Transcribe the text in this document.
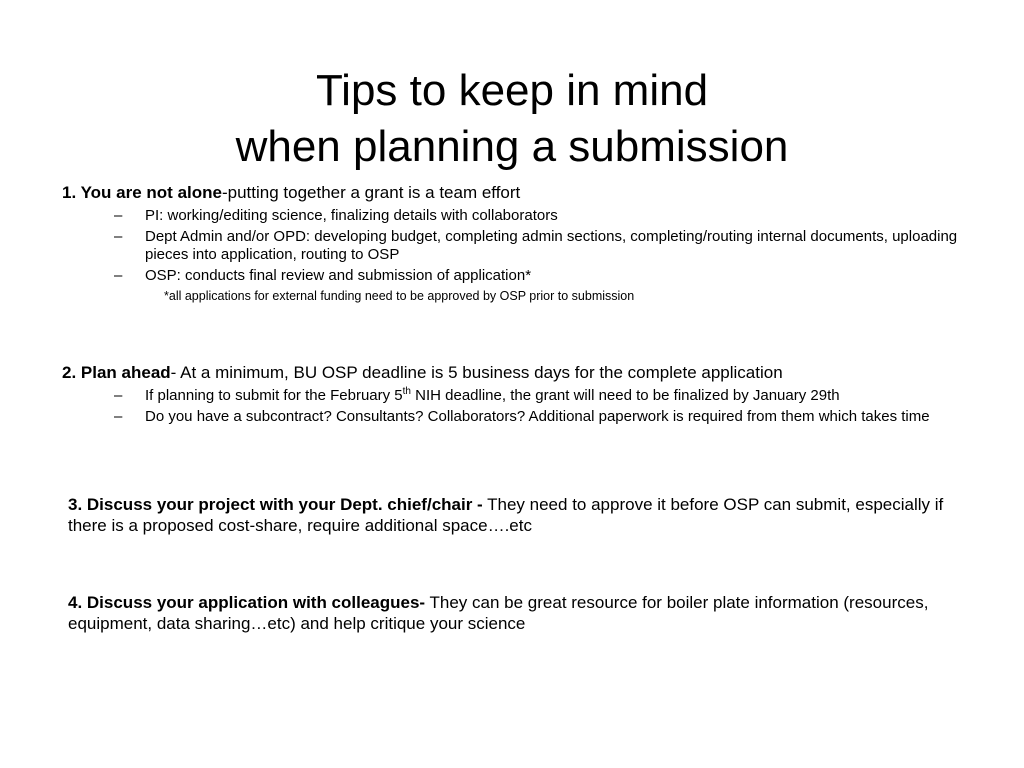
Tips to keep in mind
when planning a submission
1. You are not alone-putting together a grant is a team effort
– PI: working/editing science, finalizing details with collaborators
– Dept Admin and/or OPD: developing budget, completing admin sections, completing/routing internal documents, uploading pieces into application, routing to OSP
– OSP: conducts final review and submission of application*
*all applications for external funding need to be approved by OSP prior to submission
2. Plan ahead- At a minimum, BU OSP deadline is 5 business days for the complete application
– If planning to submit for the February 5th NIH deadline, the grant will need to be finalized by January 29th
– Do you have a subcontract? Consultants? Collaborators? Additional paperwork is required from them which takes time
3. Discuss your project with your Dept. chief/chair - They need to approve it before OSP can submit, especially if there is a proposed cost-share, require additional space….etc
4. Discuss your application with colleagues- They can be great resource for boiler plate information (resources, equipment, data sharing…etc) and help critique your science
